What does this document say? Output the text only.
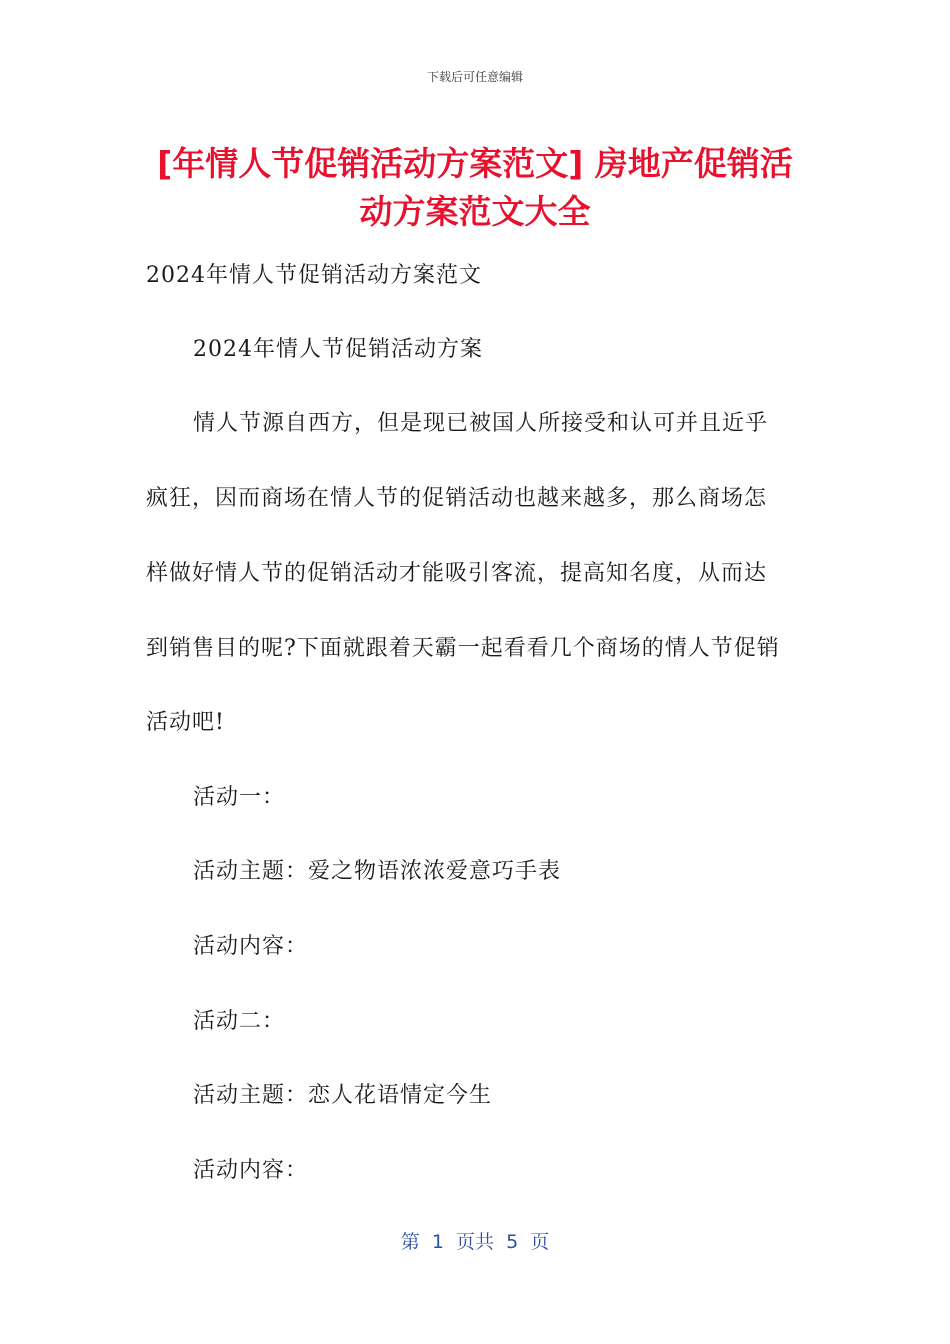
下载后可任意编辑
[年情人节促销活动方案范文] 房地产促销活
动方案范文大全
2024年情人节促销活动方案范文
2024年情人节促销活动方案
情人节源自西方，但是现已被国人所接受和认可并且近乎
疯狂，因而商场在情人节的促销活动也越来越多，那么商场怎
样做好情人节的促销活动才能吸引客流，提高知名度，从而达
到销售目的呢?下面就跟着天霸一起看看几个商场的情人节促销
活动吧!
活动一：
活动主题：爱之物语浓浓爱意巧手表
活动内容：
活动二：
活动主题：恋人花语情定今生
活动内容：
第  1  页共  5  页
